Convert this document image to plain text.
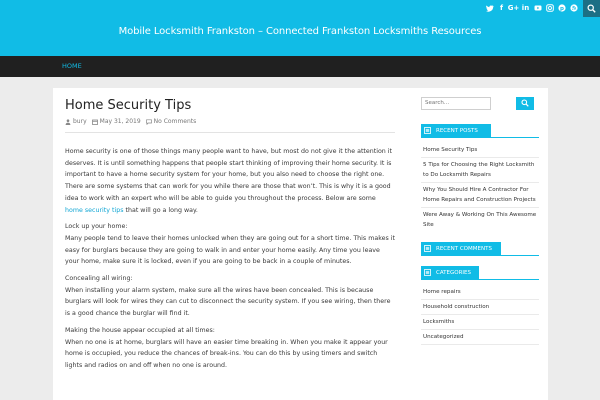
f G+ in	p
Mobile Locksmith Frankston – Connected Frankston Locksmiths Resources
HOME
Home Security Tips
bury May 31, 2019 No Comments

Home security is one of those things many people want to have, but most do not give it the attention it deserves. It is until something happens that people start thinking of improving their home security. It is important to have a home security system for your home, but you also need to choose the right one. There are some systems that can work for you while there are those that won’t. This is why it is a good idea to work with an expert who will be able to guide you throughout the process. Below are some home security tips that will go a long way.

Lock up your home:
Many people tend to leave their homes unlocked when they are going out for a short time. This makes it easy for burglars because they are going to walk in and enter your home easily. Any time you leave your home, make sure it is locked, even if you are going to be back in a couple of minutes.

Concealing all wiring:
When installing your alarm system, make sure all the wires have been concealed. This is because burglars will look for wires they can cut to disconnect the security system. If you see wiring, then there is a good chance the burglar will find it.

Making the house appear occupied at all times:
When no one is at home, burglars will have an easier time breaking in. When you make it appear your home is occupied, you reduce the chances of break-ins. You can do this by using timers and switch lights and radios on and off when no one is around.

Search...
RECENT POSTS
Home Security Tips
5 Tips for Choosing the Right Locksmith to Do Locksmith Repairs
Why You Should Hire A Contractor For Home Repairs and Construction Projects
Were Away & Working On This Awesome Site
RECENT COMMENTS
CATEGORIES
Home repairs
Household construction
Locksmiths
Uncategorized
